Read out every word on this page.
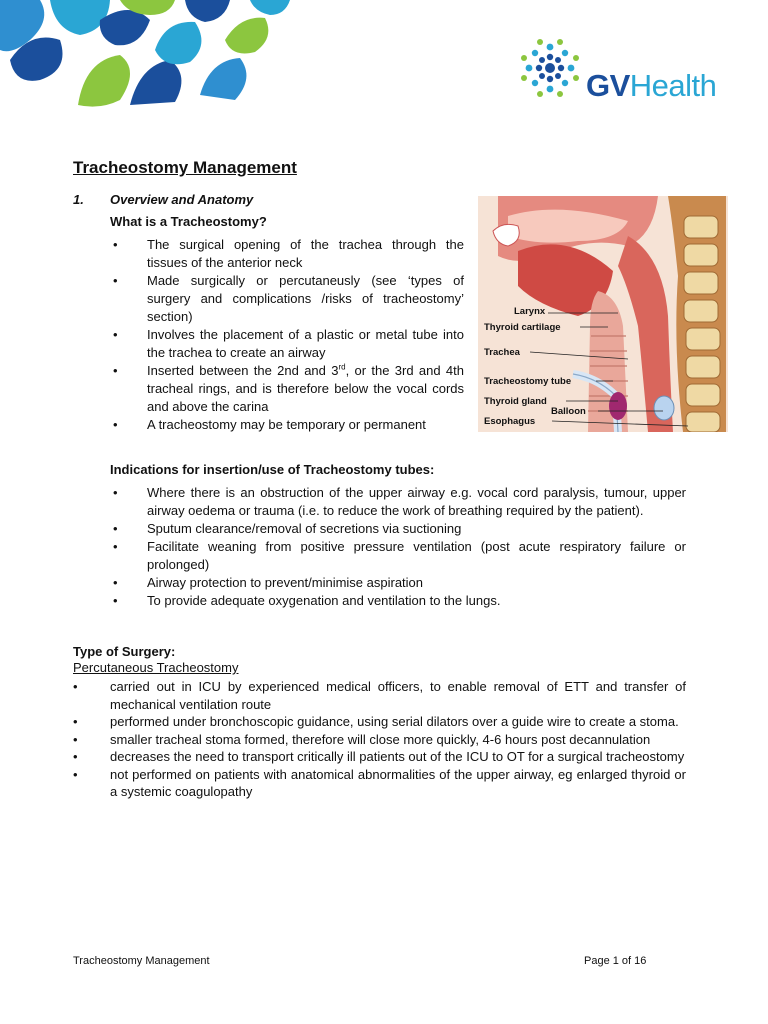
GVHealth
Tracheostomy Management
1. Overview and Anatomy
What is a Tracheostomy?
• The surgical opening of the trachea through the tissues of the anterior neck
• Made surgically or percutaneusly (see ‘types of surgery and complications /risks of tracheostomy’ section)
• Involves the placement of a plastic or metal tube into the trachea to create an airway
• Inserted between the 2nd and 3rd, or the 3rd and 4th tracheal rings, and is therefore below the vocal cords and above the carina
• A tracheostomy may be temporary or permanent
Larynx
Thyroid cartilage
Trachea
Tracheostomy tube
Thyroid gland
Balloon
Esophagus
Indications for insertion/use of Tracheostomy tubes:
• Where there is an obstruction of the upper airway e.g. vocal cord paralysis, tumour, upper airway oedema or trauma (i.e. to reduce the work of breathing required by the patient).
• Sputum clearance/removal of secretions via suctioning
• Facilitate weaning from positive pressure ventilation (post acute respiratory failure or prolonged)
• Airway protection to prevent/minimise aspiration
• To provide adequate oxygenation and ventilation to the lungs.
Type of Surgery:
Percutaneous Tracheostomy
• carried out in ICU by experienced medical officers, to enable removal of ETT and transfer of mechanical ventilation route
• performed under bronchoscopic guidance, using serial dilators over a guide wire to create a stoma.
• smaller tracheal stoma formed, therefore will close more quickly, 4-6 hours post decannulation
• decreases the need to transport critically ill patients out of the ICU to OT for a surgical tracheostomy
• not performed on patients with anatomical abnormalities of the upper airway, eg enlarged thyroid or a systemic coagulopathy
Tracheostomy Management	Page 1 of 16
